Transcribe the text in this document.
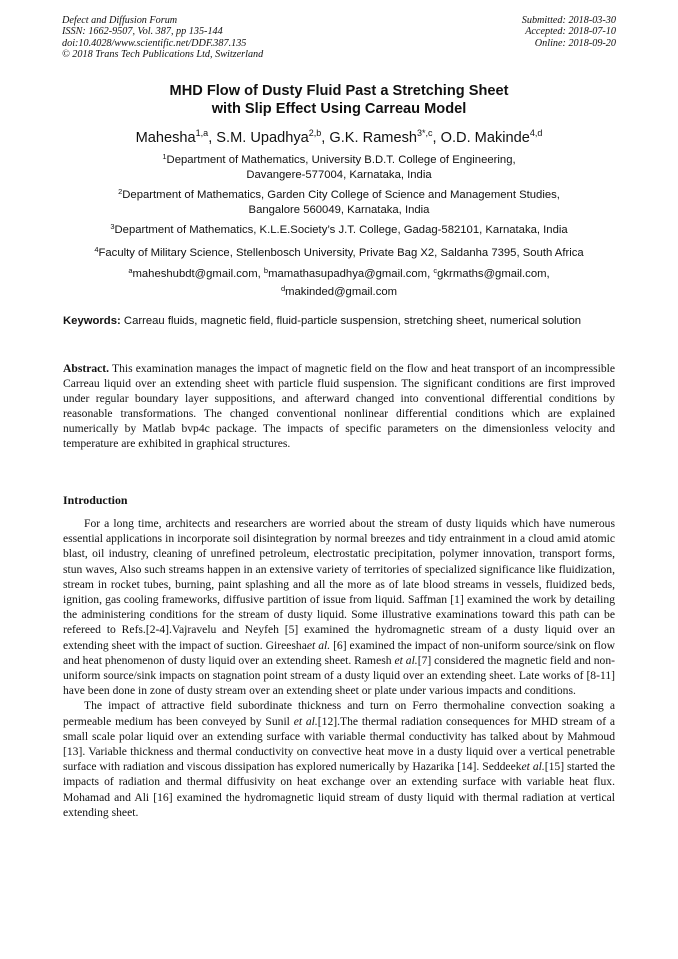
Defect and Diffusion Forum
ISSN: 1662-9507, Vol. 387, pp 135-144
doi:10.4028/www.scientific.net/DDF.387.135
© 2018 Trans Tech Publications Ltd, Switzerland
Submitted: 2018-03-30
Accepted: 2018-07-10
Online: 2018-09-20
MHD Flow of Dusty Fluid Past a Stretching Sheet
with Slip Effect Using Carreau Model
Mahesha$^{1,a}$, S.M. Upadhya$^{2,b}$, G.K. Ramesh$^{3*,c}$, O.D. Makinde$^{4,d}$
$^1$Department of Mathematics, University B.D.T. College of Engineering,
Davangere-577004, Karnataka, India
$^2$Department of Mathematics, Garden City College of Science and Management Studies,
Bangalore 560049, Karnataka, India
$^3$Department of Mathematics, K.L.E.Society’s J.T. College, Gadag-582101, Karnataka, India
$^4$Faculty of Military Science, Stellenbosch University, Private Bag X2, Saldanha 7395, South Africa
$^a$maheshubdt@gmail.com, $^b$mamathasupadhya@gmail.com, $^c$gkrmaths@gmail.com,
$^d$makinded@gmail.com
Keywords: Carreau fluids, magnetic field, fluid-particle suspension, stretching sheet, numerical solution
Abstract. This examination manages the impact of magnetic field on the flow and heat transport of an incompressible Carreau liquid over an extending sheet with particle fluid suspension. The significant conditions are first improved under regular boundary layer suppositions, and afterward changed into conventional differential conditions by reasonable transformations. The changed conventional nonlinear differential conditions which are explained numerically by Matlab bvp4c package. The impacts of specific parameters on the dimensionless velocity and temperature are exhibited in graphical structures.
Introduction

For a long time, architects and researchers are worried about the stream of dusty liquids which have numerous essential applications in incorporate soil disintegration by normal breezes and tidy entrainment in a cloud amid atomic blast, oil industry, cleaning of unrefined petroleum, electrostatic precipitation, polymer innovation, transport forms, stun waves, Also such streams happen in an extensive variety of territories of specialized significance like fluidization, stream in rocket tubes, burning, paint splashing and all the more as of late blood streams in vessels, fluidized beds, ignition, gas cooling frameworks, diffusive partition of issue from liquid. Saffman [1] examined the work by detailing the administering conditions for the stream of dusty liquid. Some illustrative examinations toward this path can be refereed to Refs.[2-4].Vajravelu and Neyfeh [5] examined the hydromagnetic stream of a dusty liquid over an extending sheet with the impact of suction. Gireeshaet al. [6] examined the impact of non-uniform source/sink on flow and heat phenomenon of dusty liquid over an extending sheet. Ramesh et al.[7] considered the magnetic field and non-uniform source/sink impacts on stagnation point stream of a dusty liquid over an extending sheet. Late works of [8-11] have been done in zone of dusty stream over an extending sheet or plate under various impacts and conditions.

The impact of attractive field subordinate thickness and turn on Ferro thermohaline convection soaking a permeable medium has been conveyed by Sunil et al.[12].The thermal radiation consequences for MHD stream of a small scale polar liquid over an extending surface with variable thermal conductivity has talked about by Mahmoud [13]. Variable thickness and thermal conductivity on convective heat move in a dusty liquid over a vertical penetrable surface with radiation and viscous dissipation has explored numerically by Hazarika [14]. Seddeeket al.[15] started the impacts of radiation and thermal diffusivity on heat exchange over an extending surface with variable heat flux. Mohamad and Ali [16] examined the hydromagnetic liquid stream of dusty liquid with thermal radiation at vertical extending sheet.
